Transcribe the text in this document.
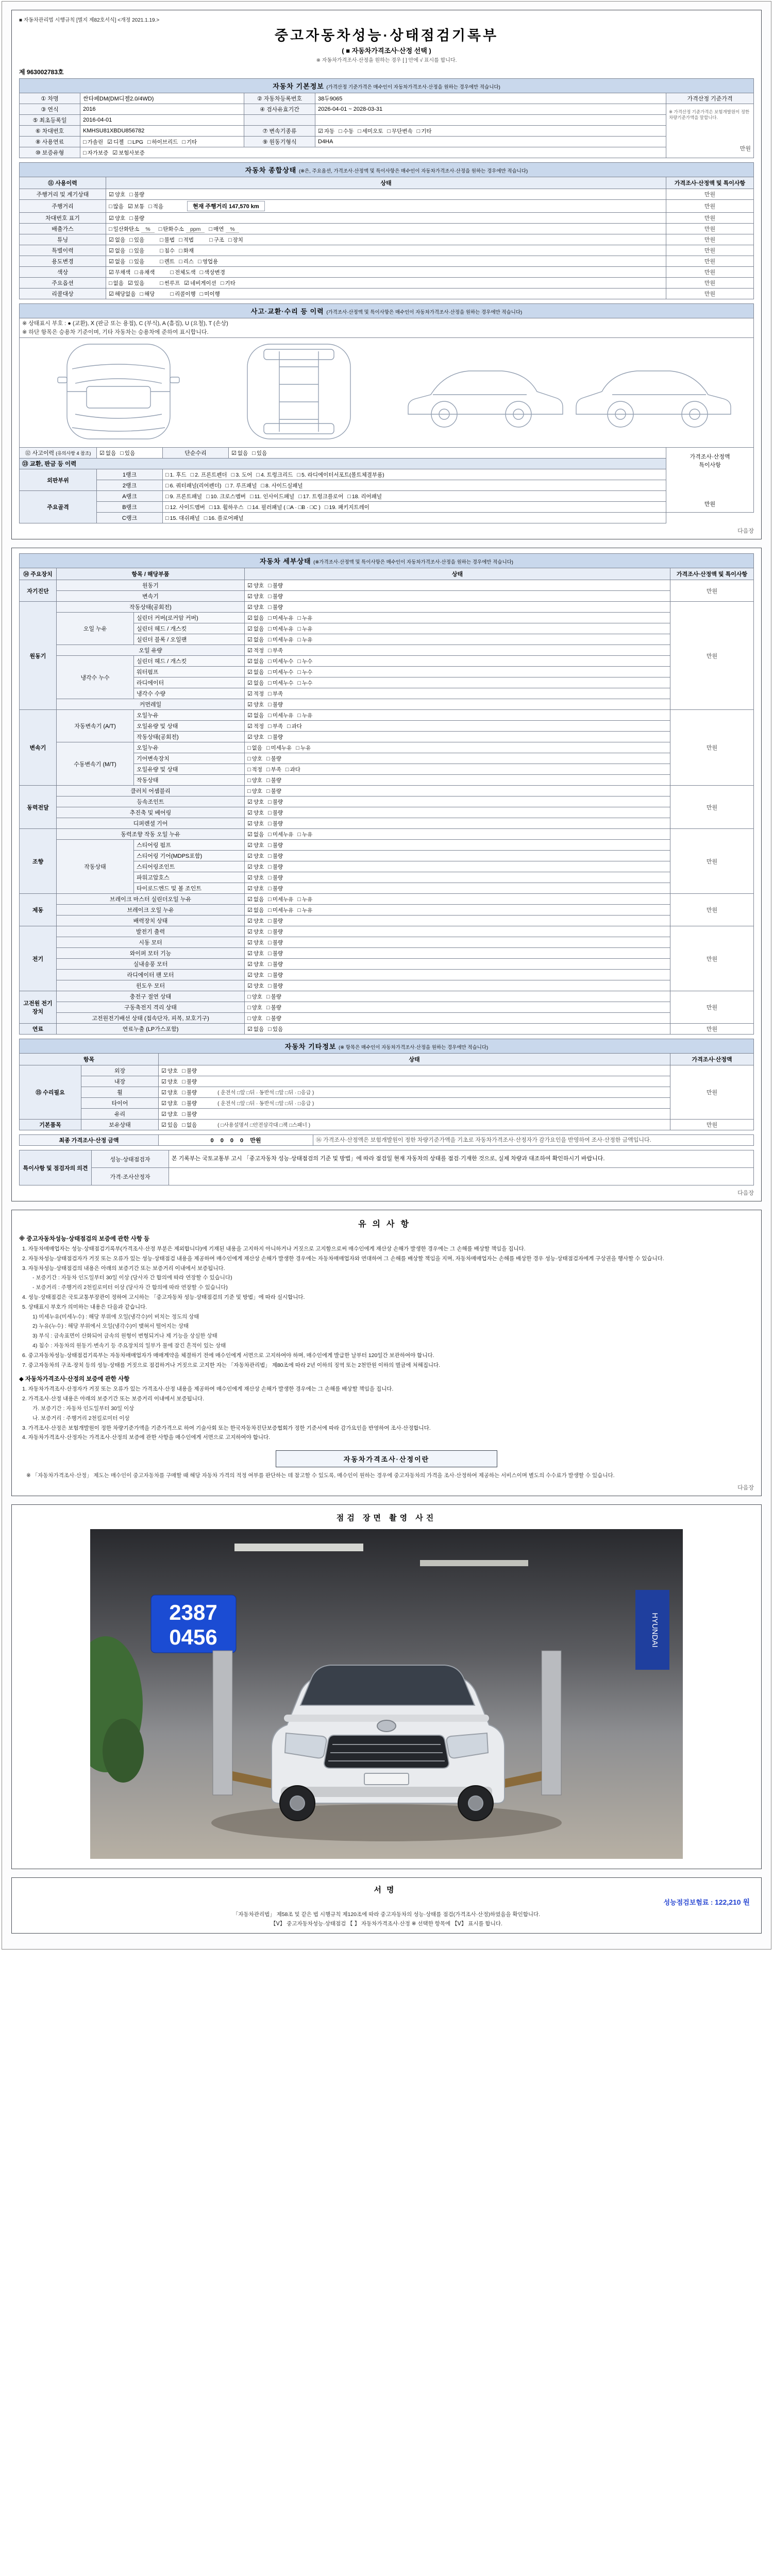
■ 자동차관리법 시행규칙 [별지 제82호서식] <개정 2021.1.19.>
중고자동차성능·상태점검기록부
( ■ 자동차가격조사·산정 선택 )
※ 자동차가격조사·산정을 원하는 경우 [ ] 안에 √ 표시를 합니다.
제 963002783호
자동차 기본정보 (가격산정 기준가격은 매수인이 자동차가격조사·산정을 원하는 경우에만 적습니다)				
① 차명	싼타페DM(DM디젤2.0/4WD)	② 자동차등록번호	38두9065	가격산정 기준가격
③ 연식	2016	④ 검사유효기간	2026-04-01 ~ 2028-03-31	※ 가격산정 기준가격은 보험개발원이 정한 차량기준가액을 말합니다.
만원

⑤ 최초등록일	2016-04-01			
⑥ 차대번호	KMHSU81XBDU856782	⑦ 변속기종류	☑ 자동 □ 수동 □ 세미오토 □ 무단변속 □ 기타	
⑧ 사용연료	□ 가솔린 ☑ 디젤 □ LPG □ 하이브리드 □ 기타	⑨ 원동기형식	D4HA	
⑩ 보증유형	□ 자가보증 ☑ 보험사보증			
자동차 종합상태 (※은, 주요옵션, 가격조사·산정액 및 특이사항은 매수인이 자동차가격조사·산정을 원하는 경우에만 적습니다)		
⑪ 사용이력	상태	가격조사·산정액 및 특이사항
주행거리 및 계기상태	☑ 양호 □ 불량	만원
주행거리	□ 많음 ☑ 보통 □ 적음 현재 주행거리 147,570 km	만원
차대번호 표기	☑ 양호 □ 불량	만원
배출가스	□ 일산화탄소 % □ 탄화수소 ppm □ 매연 %	만원
튜닝	☑ 없음 □ 있음 □ 불법 □ 적법 □ 구조 □ 장치	만원
특별이력	☑ 없음 □ 있음 □ 침수 □ 화재	만원
용도변경	☑ 없음 □ 있음 □ 렌트 □ 리스 □ 영업용	만원
색상	☑ 무채색 □ 유채색 □ 전체도색 □ 색상변경	만원
주요옵션	□ 없음 ☑ 있음 □ 썬루프 ☑ 네비게이션 □ 기타	만원
리콜대상	☑ 해당없음 □ 해당 □ 리콜이행 □ 미이행	만원
사고·교환·수리 등 이력 (가격조사·산정액 및 특이사항은 매수인이 자동차가격조사·산정을 원하는 경우에만 적습니다)				

※ 상태표시 부호 : ● (교환), Ⅹ (판금 또는 용접), C (부식), A (흠집), U (요철), T (손상)
※ 하단 항목은 승용차 기준이며, 기타 자동차는 승용차에 준하여 표시합니다.				

⑫ 사고이력 (유의사항 4 참조)	☑ 없음 □ 있음	단순수리	☑ 없음 □ 있음	가격조사·산정액
특이사항
만원

⑬ 교환, 판금 등 이력				
외판부위	1랭크	□ 1. 후드 □ 2. 프론트펜더 □ 3. 도어 □ 4. 트렁크리드 □ 5. 라디에이터서포트(볼트체결부품)		
	2랭크	□ 6. 쿼터패널(리어펜더) □ 7. 루프패널 □ 8. 사이드실패널		
주요골격	A랭크	□ 9. 프론트패널 □ 10. 크로스멤버 □ 11. 인사이드패널 □ 17. 트렁크플로어 □ 18. 리어패널		
	B랭크	□ 12. 사이드멤버 □ 13. 휠하우스 □ 14. 필러패널 ( □A · □B · □C ) □ 19. 패키지트레이		
	C랭크	□ 15. 대쉬패널 □ 16. 플로어패널		
다음장
자동차 세부상태 (※가격조사·산정액 및 특이사항은 매수인이 자동차가격조사·산정을 원하는 경우에만 적습니다)				
⑭ 주요장치	항목 / 해당부품		상태	가격조사·산정액 및 특이사항
자기진단	원동기		☑ 양호 □ 불량	만원
	변속기		☑ 양호 □ 불량	
원동기	작동상태(공회전)		☑ 양호 □ 불량	만원
	오일 누유	실린더 커버(로커암 커버)	☑ 없음 □ 미세누유 □ 누유	
		실린더 헤드 / 개스킷	☑ 없음 □ 미세누유 □ 누유	
		실린더 블록 / 오일팬	☑ 없음 □ 미세누유 □ 누유	
	오일 유량		☑ 적정 □ 부족	
	냉각수 누수	실린더 헤드 / 개스킷	☑ 없음 □ 미세누수 □ 누수	
		워터펌프	☑ 없음 □ 미세누수 □ 누수	
		라디에이터	☑ 없음 □ 미세누수 □ 누수	
		냉각수 수량	☑ 적정 □ 부족	
	커먼레일		☑ 양호 □ 불량	
변속기	자동변속기 (A/T)	오일누유	☑ 없음 □ 미세누유 □ 누유	만원
		오일유량 및 상태	☑ 적정 □ 부족 □ 과다	
		작동상태(공회전)	☑ 양호 □ 불량	
	수동변속기 (M/T)	오일누유	□ 없음 □ 미세누유 □ 누유	
		기어변속장치	□ 양호 □ 불량	
		오일유량 및 상태	□ 적정 □ 부족 □ 과다	
		작동상태	□ 양호 □ 불량	
동력전달	클러치 어셈블리		□ 양호 □ 불량	만원
	등속조인트		☑ 양호 □ 불량	
	추진축 및 베어링		☑ 양호 □ 불량	
	디퍼렌셜 기어		☑ 양호 □ 불량	
조향	동력조향 작동 오일 누유		☑ 없음 □ 미세누유 □ 누유	만원
	작동상태	스티어링 펌프	☑ 양호 □ 불량	
		스티어링 기어(MDPS포함)	☑ 양호 □ 불량	
		스티어링조인트	☑ 양호 □ 불량	
		파워고압호스	☑ 양호 □ 불량	
		타이로드엔드 및 볼 조인트	☑ 양호 □ 불량	
제동	브레이크 마스터 실린더오일 누유		☑ 없음 □ 미세누유 □ 누유	만원
	브레이크 오일 누유		☑ 없음 □ 미세누유 □ 누유	
	배력장치 상태		☑ 양호 □ 불량	
전기	발전기 출력		☑ 양호 □ 불량	만원
	시동 모터		☑ 양호 □ 불량	
	와이퍼 모터 기능		☑ 양호 □ 불량	
	실내송풍 모터		☑ 양호 □ 불량	
	라디에이터 팬 모터		☑ 양호 □ 불량	
	윈도우 모터		☑ 양호 □ 불량	
고전원 전기장치	충전구 절연 상태		□ 양호 □ 불량	만원
	구동축전지 격리 상태		□ 양호 □ 불량	
	고전원전기배선 상태 (접속단자, 피복, 보호기구)		□ 양호 □ 불량	
연료	연료누출 (LP가스포함)		☑ 없음 □ 있음	만원
자동차 기타정보 (※ 항목은 매수인이 자동차가격조사·산정을 원하는 경우에만 적습니다)			
항목		상태	가격조사·산정액
⑮ 수리필요	외장	☑ 양호 □ 불량	만원
	내장	☑ 양호 □ 불량	
	휠	☑ 양호 □ 불량 ( 운전석 □앞 □뒤 · 동반석 □앞 □뒤 · □응급 )	
	타이어	☑ 양호 □ 불량 ( 운전석 □앞 □뒤 · 동반석 □앞 □뒤 · □응급 )	
	유리	☑ 양호 □ 불량	
기본품목	보유상태	☑ 있음 □ 없음 ( □사용설명서 □안전삼각대 □잭 □스패너 )	만원
최종 가격조사·산정 금액	0 0 0 0 만원	⑯ 가격조사·산정액은 보험개발원이 정한 차량기준가액을 기초로 자동차가격조사·산정자가 감가요인을 반영하여 조사·산정한 금액입니다.
특이사항 및 점검자의 의견	성능·상태점검자	본 기록부는 국토교통부 고시 「중고자동차 성능·상태점검의 기준 및 방법」에 따라 점검일 현재 자동차의 상태를 점검·기재한 것으로, 실제 차량과 대조하여 확인하시기 바랍니다.
	가격·조사산정자	
다음장
유의사항
※ 중고자동차성능·상태점검의 보증에 관한 사항 등
1. 자동차매매업자는 성능·상태점검기록부(가격조사·산정 부분은 제외합니다)에 기재된 내용을 고지하지 아니하거나 거짓으로 고지함으로써 매수인에게 재산상 손해가 발생한 경우에는 그 손해를 배상할 책임을 집니다.
2. 자동차성능·상태점검자가 거짓 또는 오류가 있는 성능·상태점검 내용을 제공하여 매수인에게 재산상 손해가 발생한 경우에는 자동차매매업자와 연대하여 그 손해를 배상할 책임을 지며, 자동차매매업자는 손해를 배상한 경우 성능·상태점검자에게 구상권을 행사할 수 있습니다.
3. 자동차성능·상태점검의 내용은 아래의 보증기간 또는 보증거리 이내에서 보증됩니다.
- 보증기간 : 자동차 인도일부터 30일 이상 (당사자 간 합의에 따라 연장할 수 있습니다)
- 보증거리 : 주행거리 2천킬로미터 이상 (당사자 간 합의에 따라 연장할 수 있습니다)
4. 성능·상태점검은 국토교통부장관이 정하여 고시하는 「중고자동차 성능·상태점검의 기준 및 방법」에 따라 실시합니다.
5. 상태표시 부호가 의미하는 내용은 다음과 같습니다.
1) 미세누유(미세누수) : 해당 부위에 오일(냉각수)이 비치는 정도의 상태
2) 누유(누수) : 해당 부위에서 오일(냉각수)이 맺혀서 떨어지는 상태
3) 부식 : 금속표면이 산화되어 금속의 원형이 변형되거나 제 기능을 상실한 상태
4) 침수 : 자동차의 원동기·변속기 등 주요장치의 일부가 물에 잠긴 흔적이 있는 상태
6. 중고자동차성능·상태점검기록부는 자동차매매업자가 매매계약을 체결하기 전에 매수인에게 서면으로 고지하여야 하며, 매수인에게 발급한 날부터 120일간 보관하여야 합니다.
7. 중고자동차의 구조·장치 등의 성능·상태를 거짓으로 점검하거나 거짓으로 고지한 자는 「자동차관리법」 제80조에 따라 2년 이하의 징역 또는 2천만원 이하의 벌금에 처해집니다.
◆ 자동차가격조사·산정의 보증에 관한 사항
1. 자동차가격조사·산정자가 거짓 또는 오류가 있는 가격조사·산정 내용을 제공하여 매수인에게 재산상 손해가 발생한 경우에는 그 손해를 배상할 책임을 집니다.
2. 가격조사·산정 내용은 아래의 보증기간 또는 보증거리 이내에서 보증됩니다.
가. 보증기간 : 자동차 인도일부터 30일 이상
나. 보증거리 : 주행거리 2천킬로미터 이상
3. 가격조사·산정은 보험개발원이 정한 차량기준가액을 기준가격으로 하여 기술사회 또는 한국자동차진단보증협회가 정한 기준서에 따라 감가요인을 반영하여 조사·산정합니다.
4. 자동차가격조사·산정자는 가격조사·산정의 보증에 관한 사항을 매수인에게 서면으로 고지하여야 합니다.
자동차가격조사·산정이란
※ 「자동차가격조사·산정」 제도는 매수인이 중고자동차를 구매할 때 해당 자동차 가격의 적정 여부를 판단하는 데 참고할 수 있도록, 매수인이 원하는 경우에 중고자동차의 가격을 조사·산정하여 제공하는 서비스이며 별도의 수수료가 발생할 수 있습니다.
다음장
점검 장면 촬영 사진
2387
0456	HYUNDAI
서명
성능점검보험료 : 122,210 원
「자동차관리법」 제58조 및 같은 법 시행규칙 제120조에 따라 중고자동차의 성능·상태를 점검(가격조사·산정)하였음을 확인합니다.
【Ⅴ】 중고자동차성능·상태점검 【 】 자동차가격조사·산정 ※ 선택한 항목에 【Ⅴ】 표시를 합니다.
